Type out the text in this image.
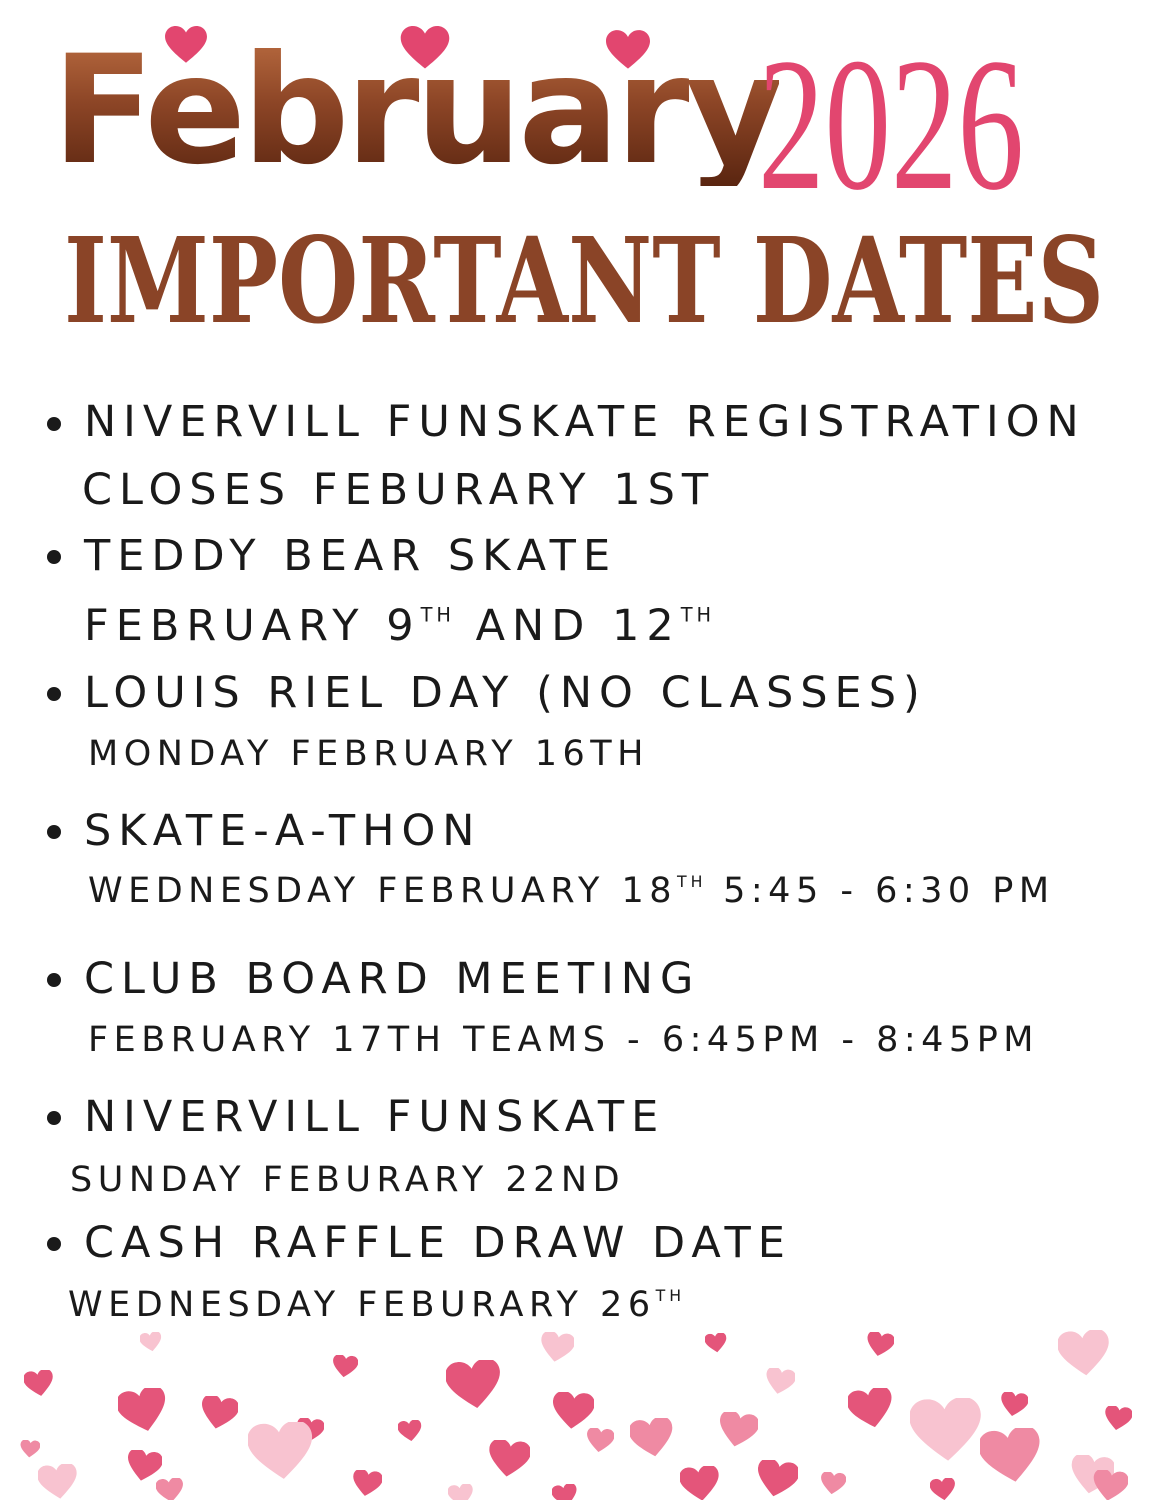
February
2026
IMPORTANT DATES
NIVERVILL FUNSKATE REGISTRATION
CLOSES FEBURARY 1ST
TEDDY BEAR SKATE
FEBRUARY 9TH AND 12TH
LOUIS RIEL DAY (NO CLASSES)
MONDAY FEBRUARY 16TH
SKATE-A-THON
WEDNESDAY FEBRUARY 18TH 5:45 - 6:30 PM
CLUB BOARD MEETING
FEBRUARY 17TH TEAMS - 6:45PM - 8:45PM
NIVERVILL FUNSKATE
SUNDAY FEBURARY 22ND
CASH RAFFLE DRAW DATE
WEDNESDAY FEBURARY 26TH
